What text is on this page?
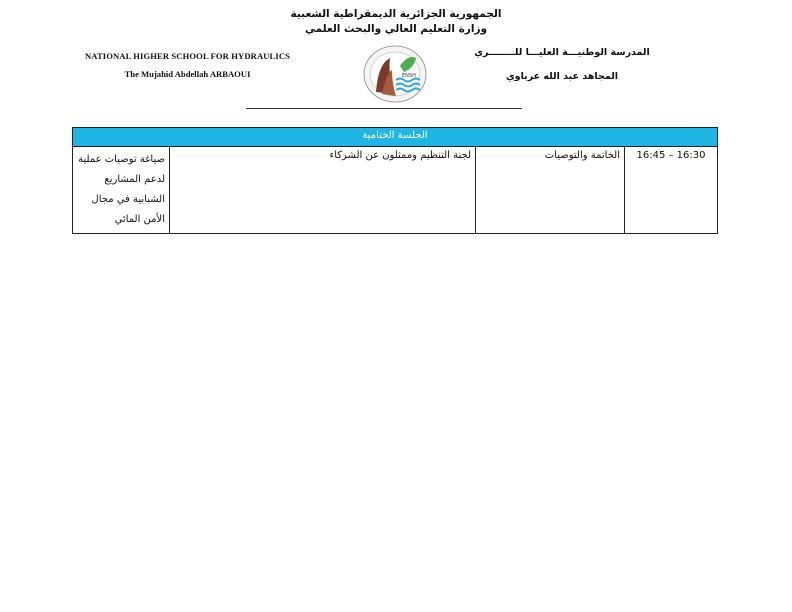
الجمهورية الجزائرية الديمقراطية الشعبية
وزارة التعليم العالي والبحث العلمي
NATIONAL HIGHER SCHOOL FOR HYDRAULICS
The Mujahid Abdellah ARBAOUI
المدرسة الوطنيـــة العليـــا للــــــــري
المجاهد عبد الله عرباوي
ENSH
الجلسة الختامية
16:45 – 16:30	الخاتمة والتوصيات	لجنة التنظيم وممثلون عن الشركاء	صياغة توصيات عملية لدعم المشاريع الشبابية في مجال الأمن المائي
